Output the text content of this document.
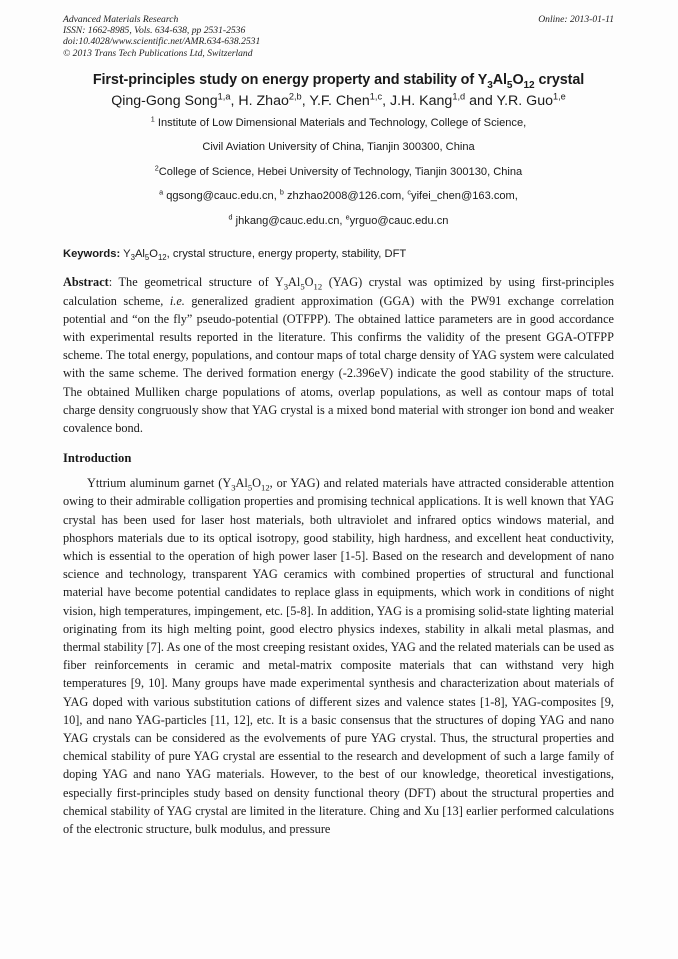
Advanced Materials Research
ISSN: 1662-8985, Vols. 634-638, pp 2531-2536
doi:10.4028/www.scientific.net/AMR.634-638.2531
© 2013 Trans Tech Publications Ltd, Switzerland
Online: 2013-01-11
First-principles study on energy property and stability of $Y_3Al_5O_{12}$ crystal
Qing-Gong Song$^{1,a}$, H. Zhao$^{2,b}$, Y.F. Chen$^{1,c}$, J.H. Kang$^{1,d}$ and Y.R. Guo$^{1,e}$
$^1$ Institute of Low Dimensional Materials and Technology, College of Science,
Civil Aviation University of China, Tianjin 300300, China
$^2$College of Science, Hebei University of Technology, Tianjin 300130, China
$^a$ qgsong@cauc.edu.cn, $^b$ zhzhao2008@126.com, $^c$yifei_chen@163.com,
$^d$ jhkang@cauc.edu.cn, $^e$yrguo@cauc.edu.cn
Keywords: $Y_3Al_5O_{12}$, crystal structure, energy property, stability, DFT

Abstract: The geometrical structure of $Y_3Al_5O_{12}$ (YAG) crystal was optimized by using first-principles calculation scheme, i.e. generalized gradient approximation (GGA) with the PW91 exchange correlation potential and “on the fly” pseudo-potential (OTFPP). The obtained lattice parameters are in good accordance with experimental results reported in the literature. This confirms the validity of the present GGA-OTFPP scheme. The total energy, populations, and contour maps of total charge density of YAG system were calculated with the same scheme. The derived formation energy (-2.396eV) indicate the good stability of the structure. The obtained Mulliken charge populations of atoms, overlap populations, as well as contour maps of total charge density congruously show that YAG crystal is a mixed bond material with stronger ion bond and weaker covalence bond.

Introduction

Yttrium aluminum garnet ($Y_3Al_5O_{12}$, or YAG) and related materials have attracted considerable attention owing to their admirable colligation properties and promising technical applications. It is well known that YAG crystal has been used for laser host materials, both ultraviolet and infrared optics windows material, and phosphors materials due to its optical isotropy, good stability, high hardness, and excellent heat conductivity, which is essential to the operation of high power laser [1-5]. Based on the research and development of nano science and technology, transparent YAG ceramics with combined properties of structural and functional material have become potential candidates to replace glass in equipments, which work in conditions of night vision, high temperatures, impingement, etc. [5-8]. In addition, YAG is a promising solid-state lighting material originating from its high melting point, good electro physics indexes, stability in alkali metal plasmas, and thermal stability [7]. As one of the most creeping resistant oxides, YAG and the related materials can be used as fiber reinforcements in ceramic and metal-matrix composite materials that can withstand very high temperatures [9, 10]. Many groups have made experimental synthesis and characterization about materials of YAG doped with various substitution cations of different sizes and valence states [1-8], YAG-composites [9, 10], and nano YAG-particles [11, 12], etc. It is a basic consensus that the structures of doping YAG and nano YAG crystals can be considered as the evolvements of pure YAG crystal. Thus, the structural properties and chemical stability of pure YAG crystal are essential to the research and development of such a large family of doping YAG and nano YAG materials. However, to the best of our knowledge, theoretical investigations, especially first-principles study based on density functional theory (DFT) about the structural properties and chemical stability of YAG crystal are limited in the literature. Ching and Xu [13] earlier performed calculations of the electronic structure, bulk modulus, and pressure
